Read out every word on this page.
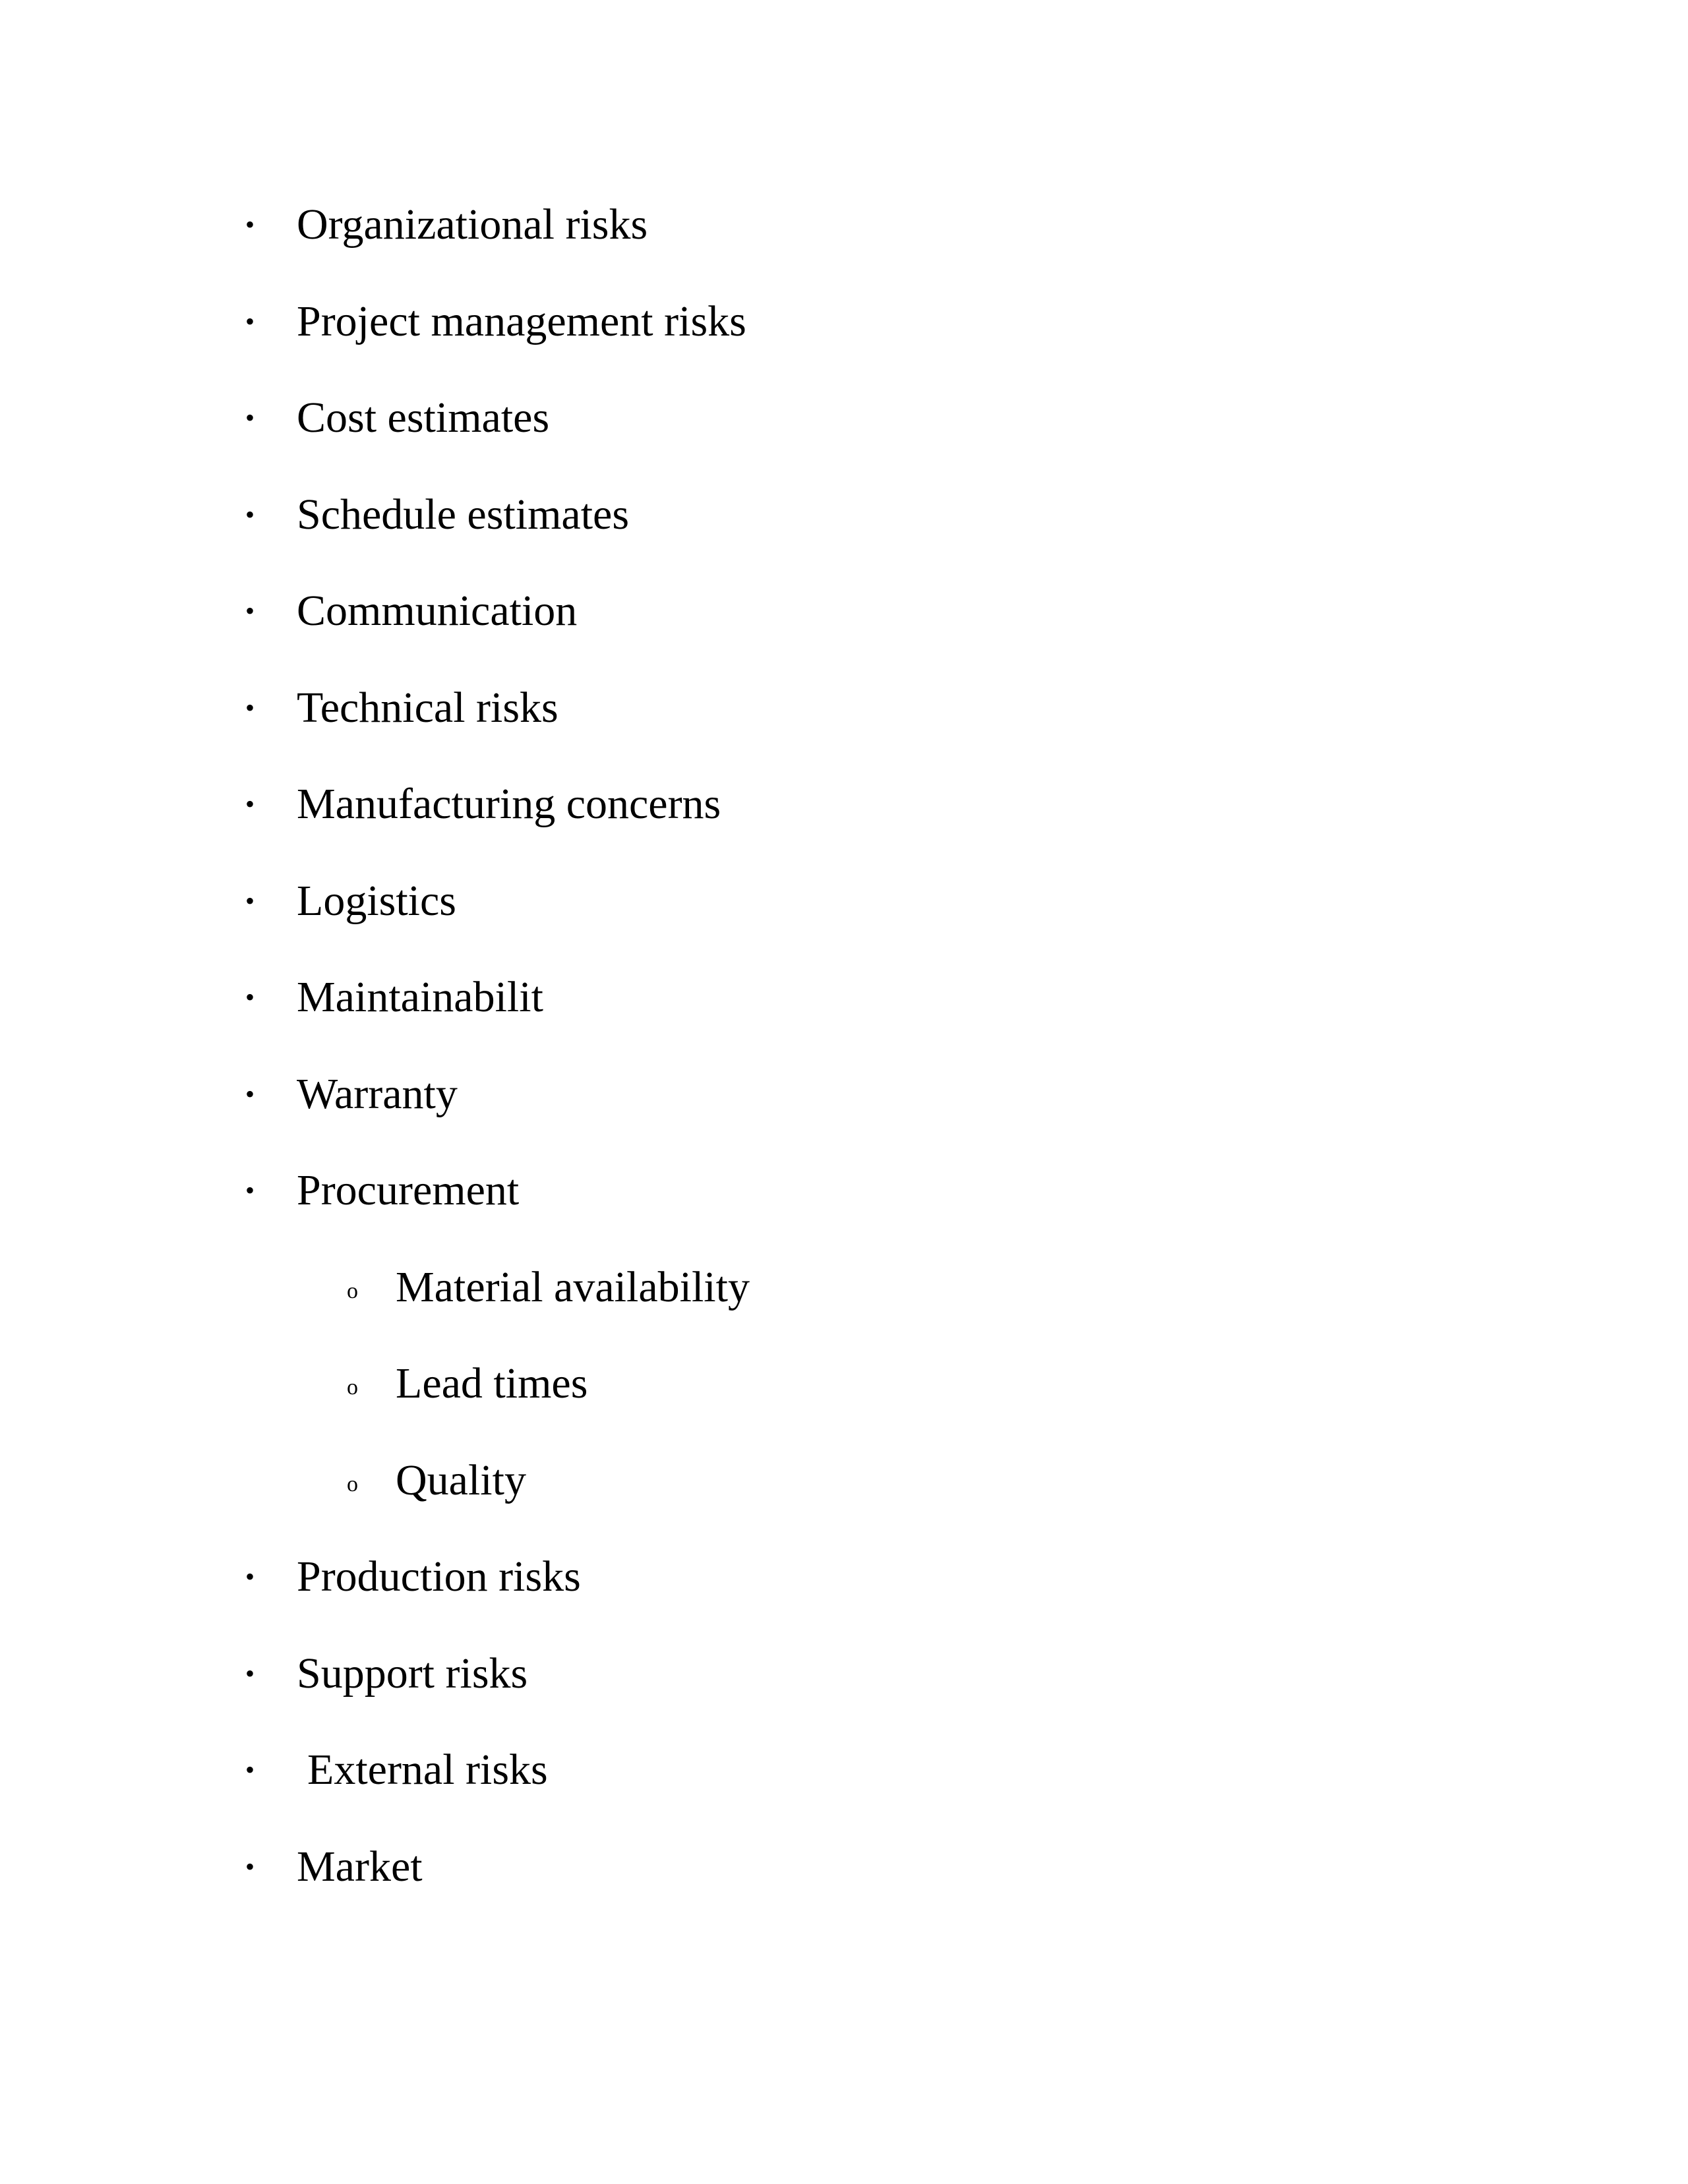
• Organizational risks
• Project management risks
• Cost estimates
• Schedule estimates
• Communication
• Technical risks
• Manufacturing concerns
• Logistics
• Maintainabilit
• Warranty
• Procurement
o Material availability
o Lead times
o Quality
• Production risks
• Support risks
• External risks
• Market
